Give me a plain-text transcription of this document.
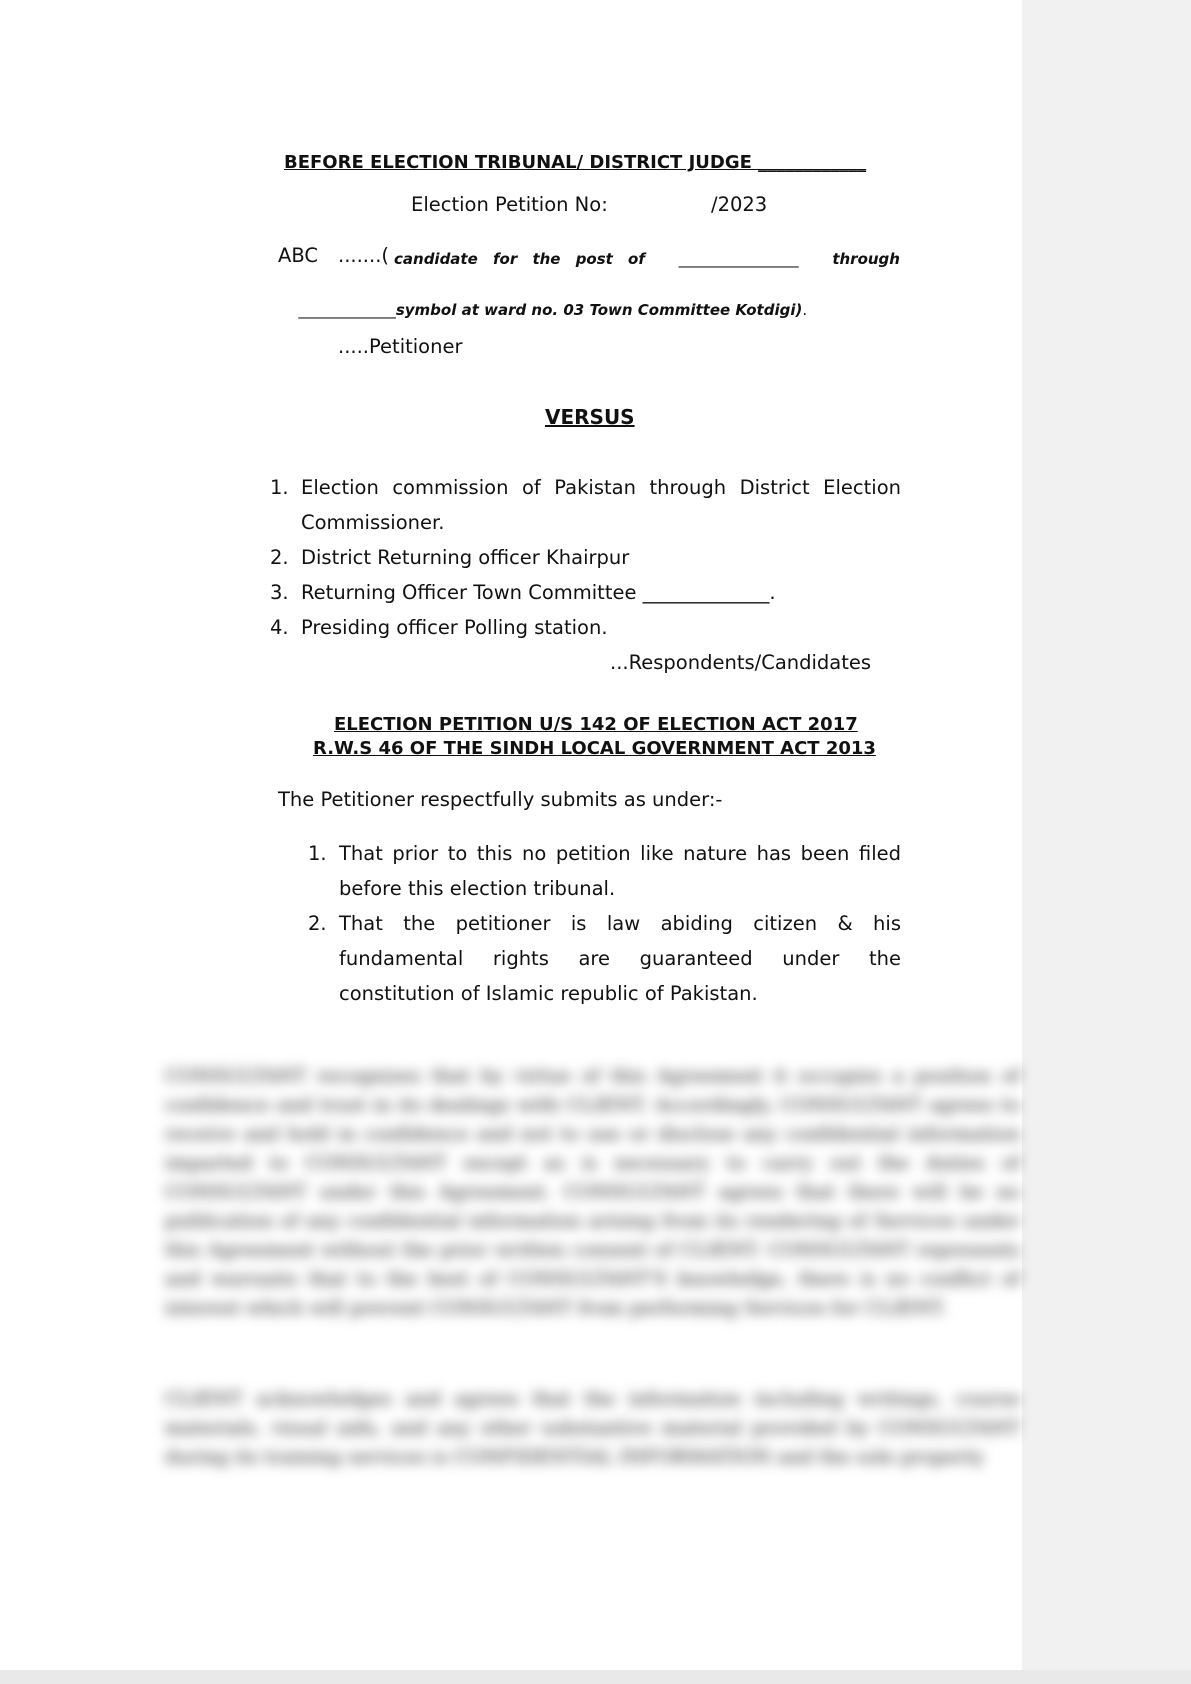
BEFORE ELECTION TRIBUNAL/ DISTRICT JUDGE ____________
Election Petition No:	/2023
ABC .......( candidate for the post of ________________ through

_____________symbol at ward no. 03 Town Committee Kotdigi).

.....Petitioner
VERSUS
1. Election commission of Pakistan through District Election
Commissioner.
2. District Returning officer Khairpur
3. Returning Officer Town Committee _____________.
4. Presiding officer Polling station.
...Respondents/Candidates
ELECTION PETITION U/S 142 OF ELECTION ACT 2017
R.W.S 46 OF THE SINDH LOCAL GOVERNMENT ACT 2013
The Petitioner respectfully submits as under:-
1. That prior to this no petition like nature has been filed
before this election tribunal.
2. That the petitioner is law abiding citizen & his
fundamental rights are guaranteed under the
constitution of Islamic republic of Pakistan.
CONSULTANT recognizes that by virtue of this Agreement it occupies a position of confidence and trust in its dealings with CLIENT. Accordingly, CONSULTANT agrees to receive and hold in confidence and not to use or disclose any confidential information imparted to CONSULTANT except as is necessary to carry out the duties of CONSULTANT under this Agreement. CONSULTANT agrees that there will be no publication of any confidential information arising from its rendering of Services under this Agreement without the prior written consent of CLIENT. CONSULTANT represents and warrants that to the best of CONSULTANT'S knowledge, there is no conflict of interest which will prevent CONSULTANT from performing Services for CLIENT.
CLIENT acknowledges and agrees that the information including writings, course materials, visual aids, and any other substantive material provided by CONSULTANT during its training services is CONFIDENTIAL INFORMATION and the sole property
